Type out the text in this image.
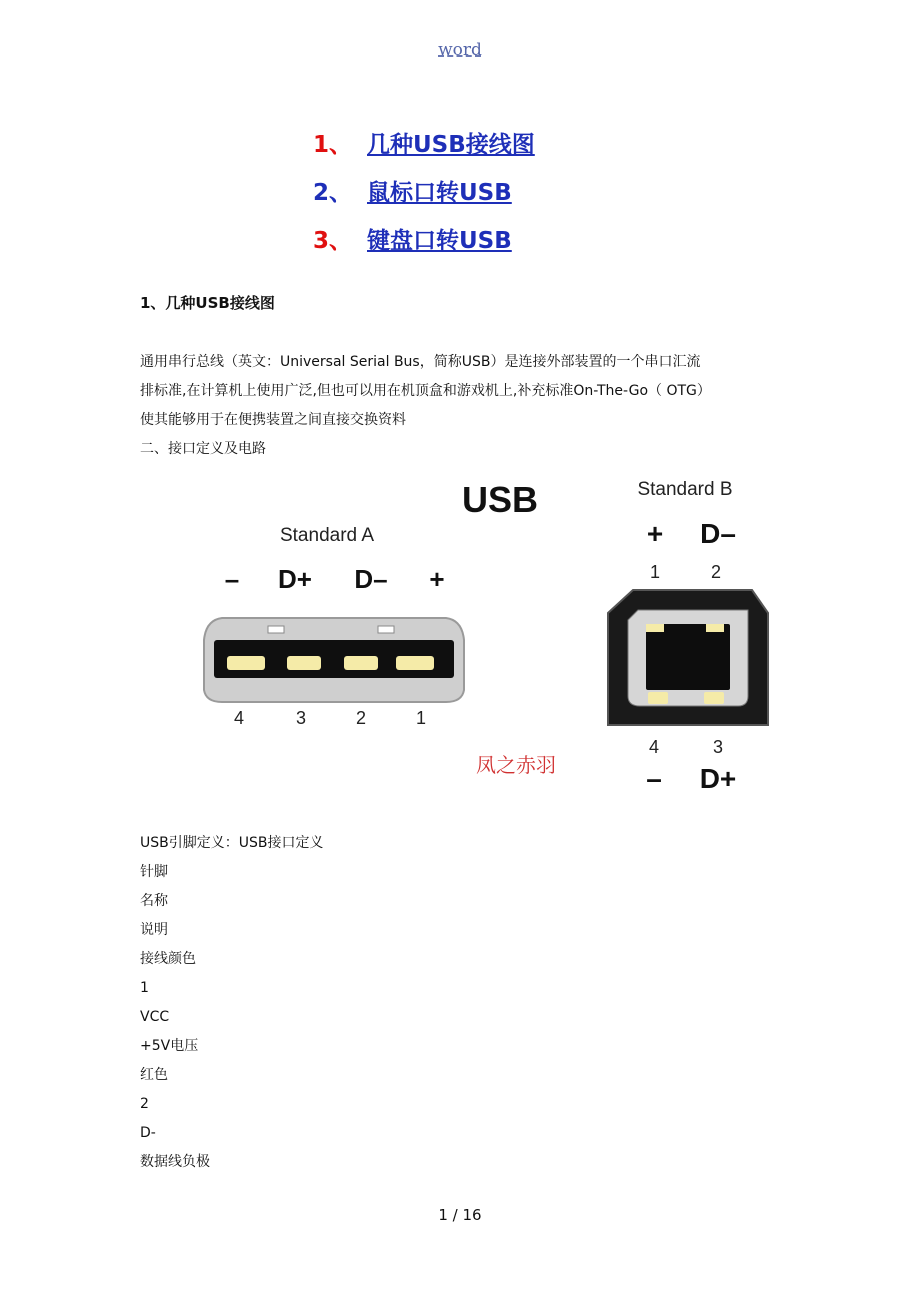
word
1、 几种USB接线图
2、 鼠标口转USB
3、 键盘口转USB
1、几种USB接线图
通用串行总线（英文：Universal Serial Bus，简称USB）是连接外部装置的一个串口汇流
排标准,在计算机上使用广泛,但也可以用在机顶盒和游戏机上,补充标准On-The-Go（ OTG）
使其能够用于在便携装置之间直接交换资料
二、接口定义及电路
USB
Standard A
– D+ D– +
4	3	2	1
Standard B
+ D–
1	2
4	3
– D+
凤之赤羽
USB引脚定义：USB接口定义
针脚
名称
说明
接线颜色
1
VCC
+5V电压
红色
2
D-
数据线负极
1 / 16
